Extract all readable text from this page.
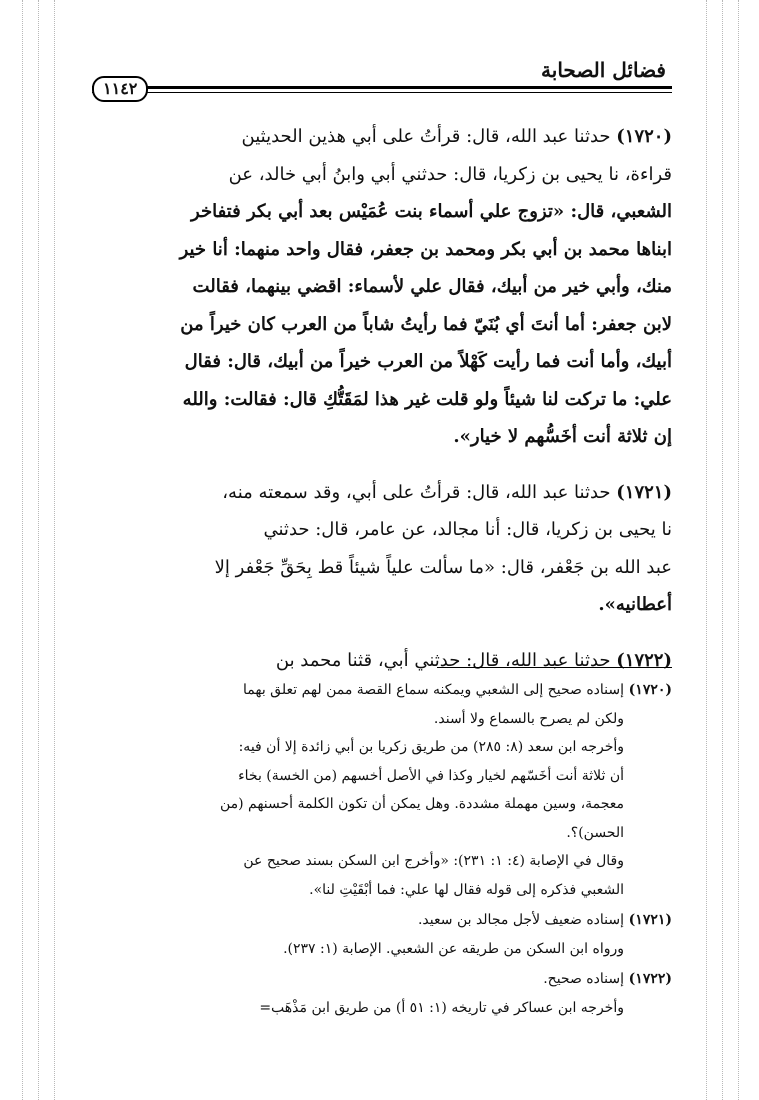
فضائل الصحابة
١١٤٢

(١٧٢٠) حدثنا عبد الله، قال: قرأتُ على أبي هذين الحديثين

قراءة، نا يحيى بن زكريا، قال: حدثني أبي وابنُ أبي خالد، عن

الشعبي، قال: «تزوج علي أسماء بنت عُمَيْس بعد أبي بكر فتفاخر

ابناها محمد بن أبي بكر ومحمد بن جعفر، فقال واحد منهما: أنا خير

منك، وأبي خير من أبيك، فقال علي لأسماء: اقضي بينهما، فقالت

لابن جعفر: أما أنتَ أي بُنَيّ فما رأيتُ شاباً من العرب كان خيراً من

أبيك، وأما أنت فما رأيت كَهْلاً من العرب خيراً من أبيك، قال: فقال

علي: ما تركت لنا شيئاً ولو قلت غير هذا لمَقَتُّكِ قال: فقالت: والله

إن ثلاثة أنت أخَسُّهم لا خيار».

(١٧٢١) حدثنا عبد الله، قال: قرأتُ على أبي، وقد سمعته منه،

نا يحيى بن زكريا، قال: أنا مجالد، عن عامر، قال: حدثني

عبد الله بن جَعْفر، قال: «ما سألت علياً شيئاً قط بِحَقِّ جَعْفر إلا

أعطانيه».

(١٧٢٢) حدثنا عبد الله، قال: حدثني أبي، قثنا محمد بن

(١٧٢٠)إسناده صحيح إلى الشعبي ويمكنه سماع القصة ممن لهم تعلق بهما

ولكن لم يصرح بالسماع ولا أسند.

وأخرجه ابن سعد (٨: ٢٨٥) من طريق زكريا بن أبي زائدة إلا أن فيه:

أن ثلاثة أنت أخَسّهم لخيار وكذا في الأصل أخسهم (من الخسة) بخاء

معجمة، وسين مهملة مشددة. وهل يمكن أن تكون الكلمة أحسنهم (من

الحسن)؟.

وقال في الإصابة (٤: ١: ٢٣١): «وأخرج ابن السكن بسند صحيح عن

الشعبي فذكره إلى قوله فقال لها علي: فما أبْقَيْتِ لنا».

(١٧٢١)إسناده ضعيف لأجل مجالد بن سعيد.

ورواه ابن السكن من طريقه عن الشعبي. الإصابة (١: ٢٣٧).

(١٧٢٢)إسناده صحيح.

وأخرجه ابن عساكر في تاريخه (١: ٥١ أ) من طريق ابن مَذْهَب=
